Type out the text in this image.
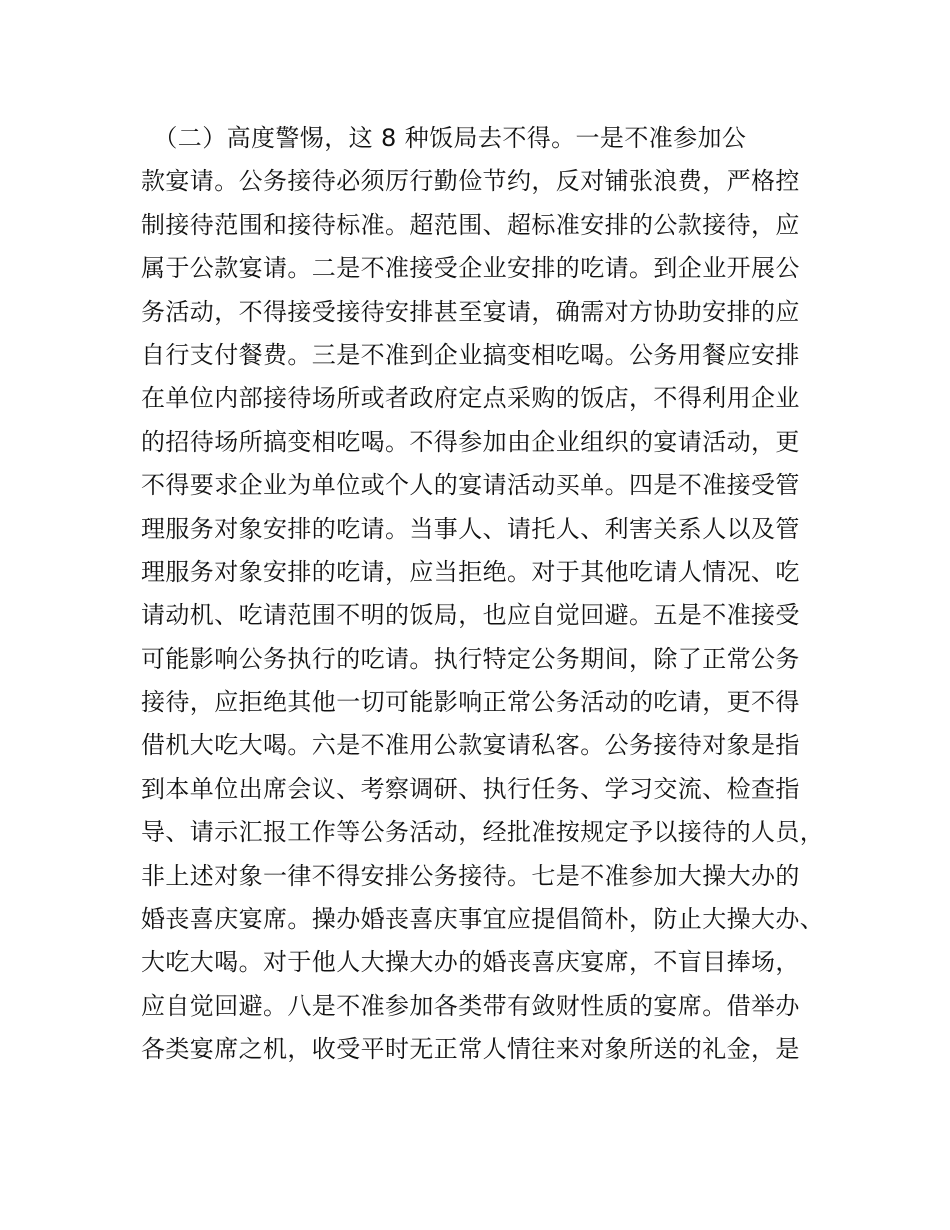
　（二）高度警惕，这 8 种饭局去不得。一是不准参加公
款宴请。公务接待必须厉行勤俭节约，反对铺张浪费，严格控
制接待范围和接待标准。超范围、超标准安排的公款接待，应
属于公款宴请。二是不准接受企业安排的吃请。到企业开展公
务活动，不得接受接待安排甚至宴请，确需对方协助安排的应
自行支付餐费。三是不准到企业搞变相吃喝。公务用餐应安排
在单位内部接待场所或者政府定点采购的饭店，不得利用企业
的招待场所搞变相吃喝。不得参加由企业组织的宴请活动，更
不得要求企业为单位或个人的宴请活动买单。四是不准接受管
理服务对象安排的吃请。当事人、请托人、利害关系人以及管
理服务对象安排的吃请，应当拒绝。对于其他吃请人情况、吃
请动机、吃请范围不明的饭局，也应自觉回避。五是不准接受
可能影响公务执行的吃请。执行特定公务期间，除了正常公务
接待，应拒绝其他一切可能影响正常公务活动的吃请，更不得
借机大吃大喝。六是不准用公款宴请私客。公务接待对象是指
到本单位出席会议、考察调研、执行任务、学习交流、检查指
导、请示汇报工作等公务活动，经批准按规定予以接待的人员，
非上述对象一律不得安排公务接待。七是不准参加大操大办的
婚丧喜庆宴席。操办婚丧喜庆事宜应提倡简朴，防止大操大办、
大吃大喝。对于他人大操大办的婚丧喜庆宴席，不盲目捧场，
应自觉回避。八是不准参加各类带有敛财性质的宴席。借举办
各类宴席之机，收受平时无正常人情往来对象所送的礼金，是
